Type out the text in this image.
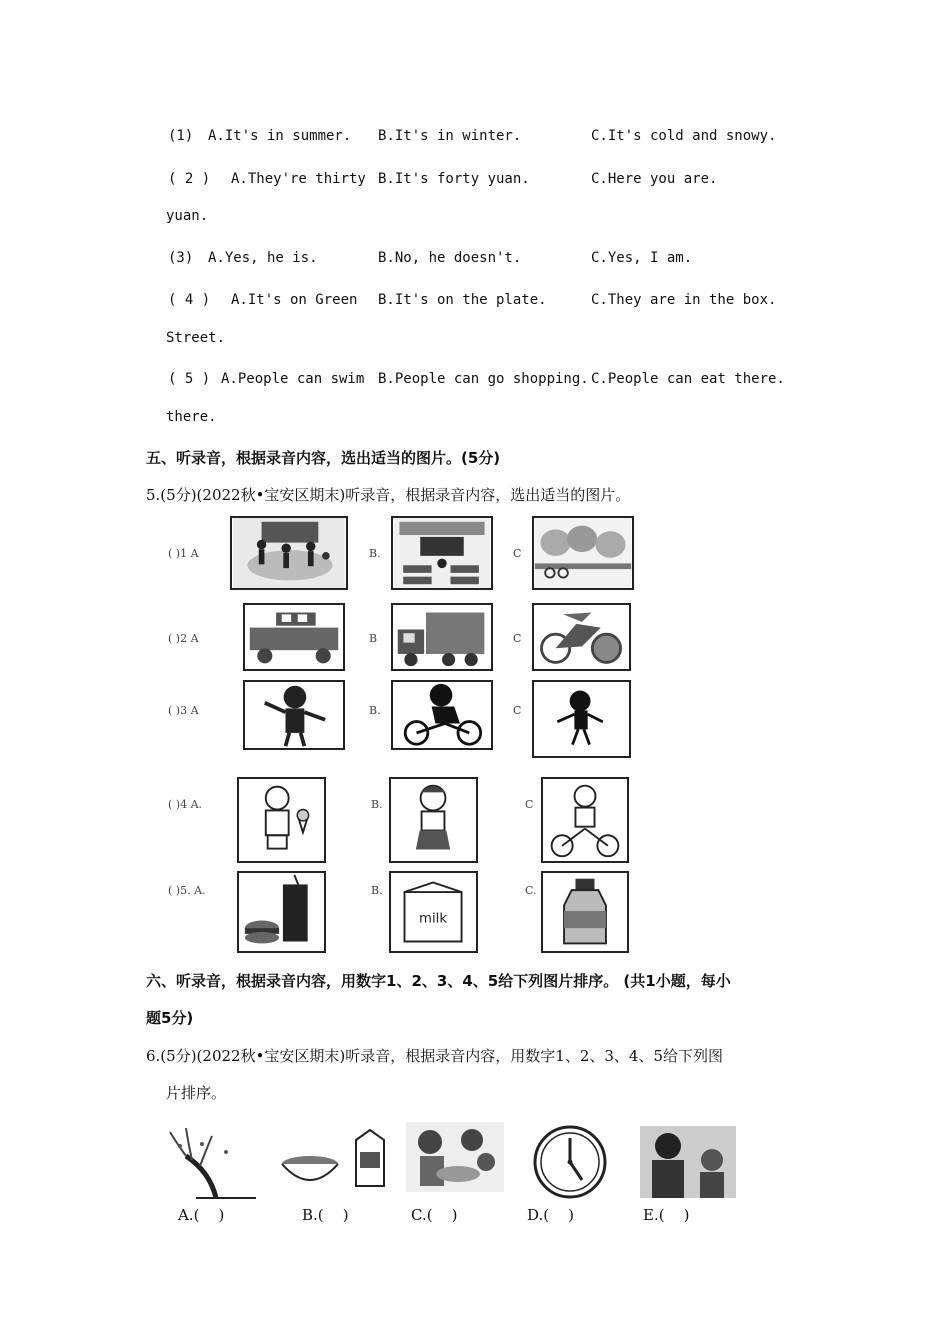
(1) A.It's in summer. B.It's in winter.	C.It's cold and snowy.
( 2 ) A.They're thirty
yuan.
B.It's forty yuan.	C.Here you are.
(3) A.Yes, he is.	B.No, he doesn't.	C.Yes, I am.
( 4 ) A.It's on Green
Street.
B.It's on the plate.	C.They are in the box.
( 5 ) A.People can swim
there.
B.People can go shopping. C.People can eat there.
五、听录音，根据录音内容，选出适当的图片。(5分)
5.(5分)(2022秋•宝安区期末)听录音，根据录音内容，选出适当的图片。
( )1 A	B.	C
( )2 A	B	C
( )3 A	B.	C
( )4 A.	B.	C
( )5. A.	B.
milk
C.
六、听录音，根据录音内容，用数字1、2、3、4、5给下列图片排序。 (共1小题，每小
题5分)
6.(5分)(2022秋•宝安区期末)听录音，根据录音内容，用数字1、2、3、4、5给下列图
片排序。
A.(    )	B.(    )	C.(    )	D.(    )	E.(    )
